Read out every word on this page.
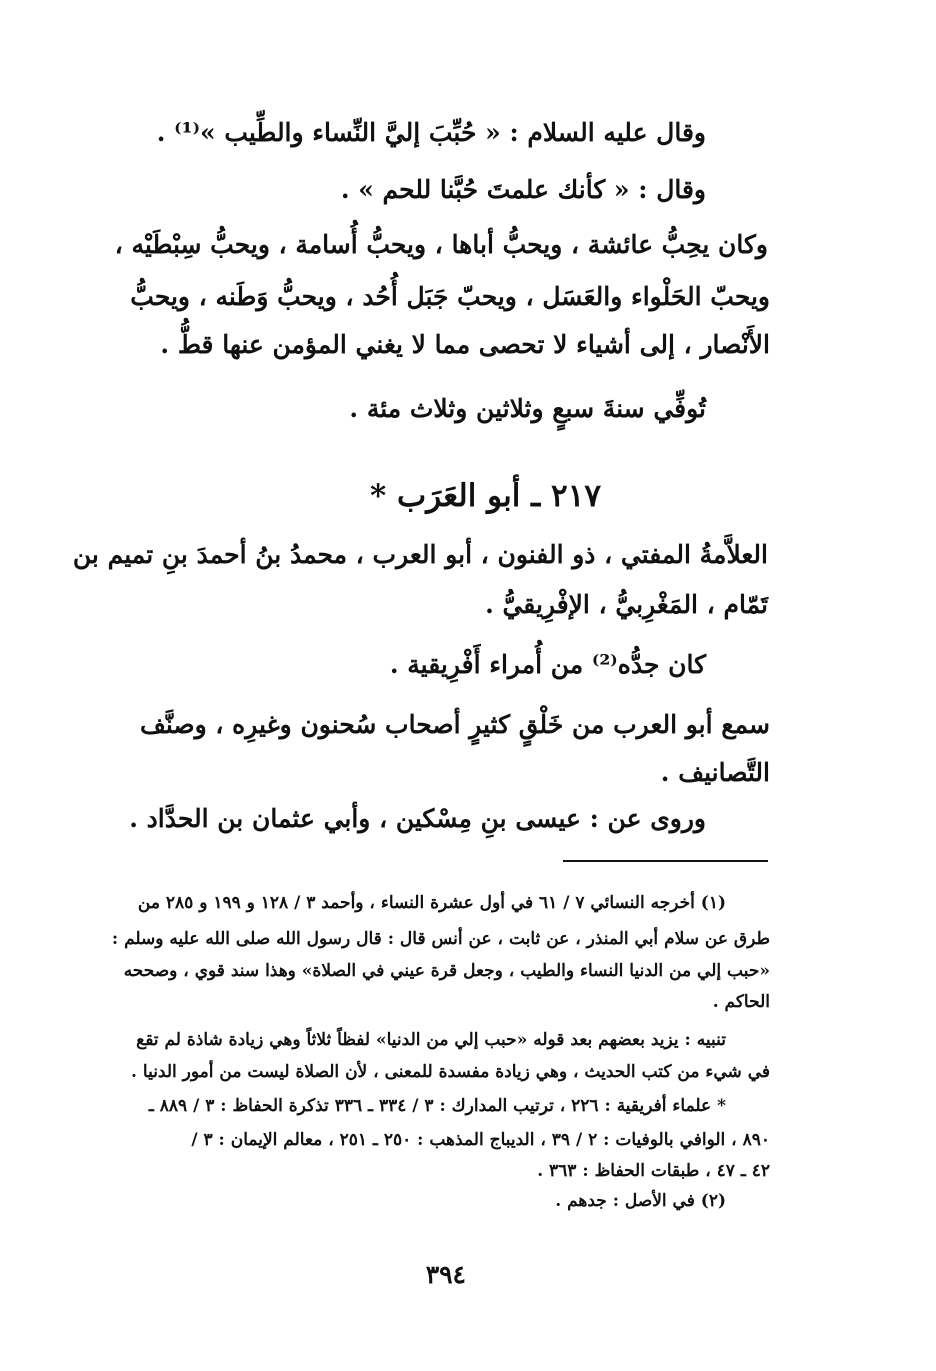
وقال عليه السلام : « حُبِّبَ إليَّ النِّساء والطِّيب »⁽¹⁾ .
وقال : « كأنك علمتَ حُبَّنا للحم » .
وكان يحِبُّ عائشة ، ويحبُّ أباها ، ويحبُّ أُسامة ، ويحبُّ سِبْطَيْه ،
ويحبّ الحَلْواء والعَسَل ، ويحبّ جَبَل أُحُد ، ويحبُّ وَطَنه ، ويحبُّ
الأَنْصار ، إلى أشياء لا تحصى مما لا يغني المؤمن عنها قطُّ .
تُوفِّي سنةَ سبعٍ وثلاثين وثلاث مئة .
٢١٧ ـ أبو العَرَب *
العلاَّمةُ المفتي ، ذو الفنون ، أبو العرب ، محمدُ بنُ أحمدَ بنِ تميم بن
تَمّام ، المَغْرِبيُّ ، الإفْرِيقيُّ .
كان جدُّه⁽²⁾ من أُمراء أَفْرِيقية .
سمع أبو العرب من خَلْقٍ كثيرٍ أصحاب سُحنون وغيرِه ، وصنَّف
التَّصانيف .
وروى عن : عيسى بنِ مِسْكين ، وأبي عثمان بن الحدَّاد .
(١) أخرجه النسائي ٧ / ٦١ في أول عشرة النساء ، وأحمد ٣ / ١٢٨ و ١٩٩ و ٢٨٥ من
طرق عن سلام أبي المنذر ، عن ثابت ، عن أنس قال : قال رسول الله صلى الله عليه وسلم :
«حبب إلي من الدنيا النساء والطيب ، وجعل قرة عيني في الصلاة» وهذا سند قوي ، وصححه
الحاكم .
تنبيه : يزيد بعضهم بعد قوله «حبب إلي من الدنيا» لفظاً ثلاثاً وهي زيادة شاذة لم تقع
في شيء من كتب الحديث ، وهي زيادة مفسدة للمعنى ، لأن الصلاة ليست من أمور الدنيا .
* علماء أفريقية : ٢٢٦ ، ترتيب المدارك : ٣ / ٣٣٤ ـ ٣٣٦ تذكرة الحفاظ : ٣ / ٨٨٩ ـ
٨٩٠ ، الوافي بالوفيات : ٢ / ٣٩ ، الديباج المذهب : ٢٥٠ ـ ٢٥١ ، معالم الإيمان : ٣ /
٤٢ ـ ٤٧ ، طبقات الحفاظ : ٣٦٣ .
(٢) في الأصل : جدهم .
٣٩٤
